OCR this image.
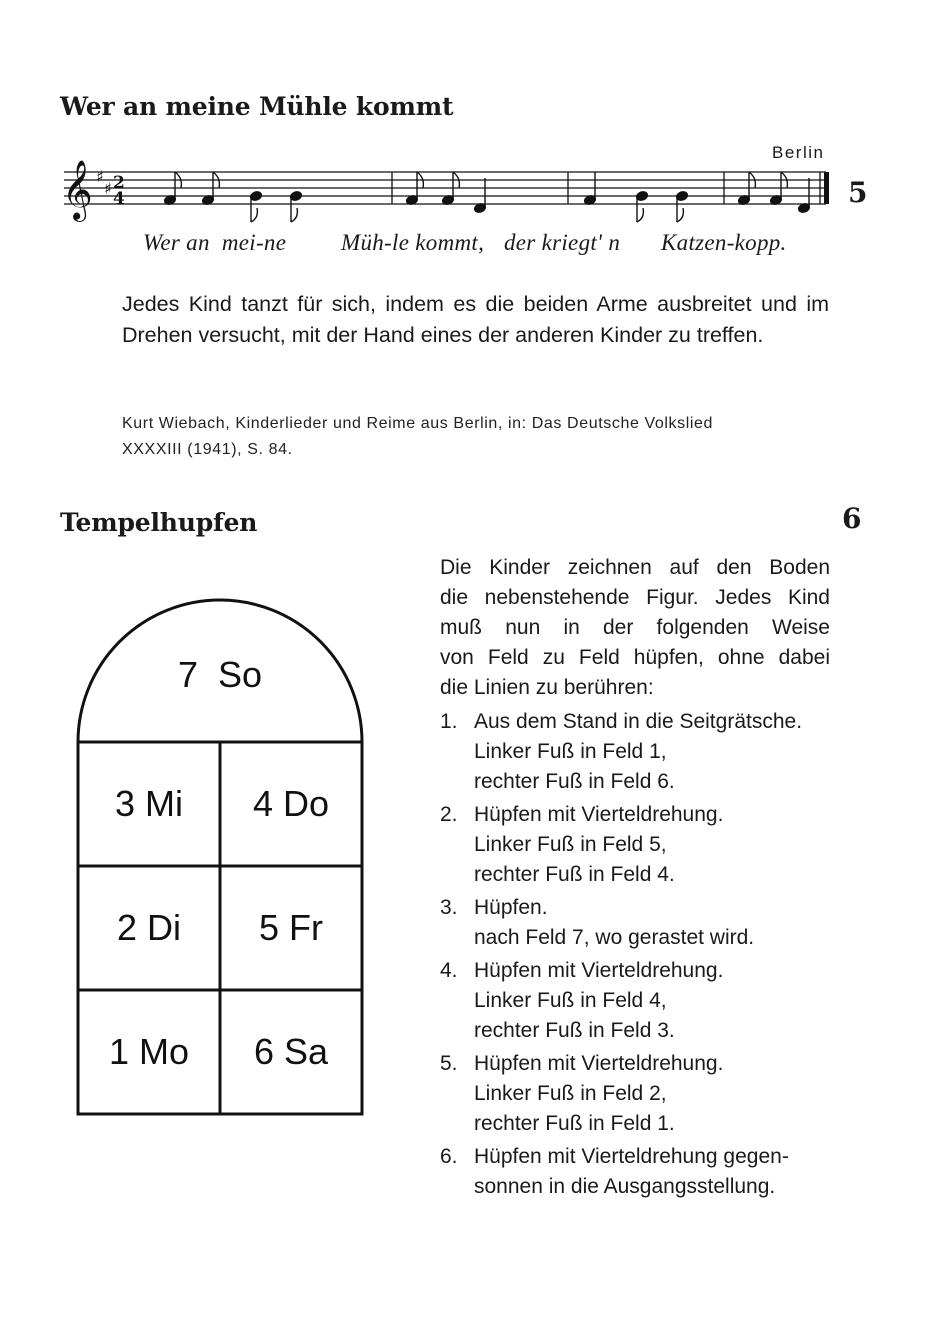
Wer an meine Mühle kommt
Berlin
5
𝄞 ♯
♯ 2
4
Wer an  mei-ne Müh-le kommt, der kriegt' n Katzen-kopp.
Jedes Kind tanzt für sich, indem es die beiden Arme ausbreitet und im Drehen versucht, mit der Hand eines der anderen Kinder zu treffen.
Kurt Wiebach, Kinderlieder und Reime aus Berlin, in: Das Deutsche Volkslied
XXXXIII (1941), S. 84.
Tempelhupfen	6
7  So
3 Mi	4 Do
2 Di	5 Fr
1 Mo	6 Sa

Die Kinder zeichnen auf den Boden

die nebenstehende Figur. Jedes Kind

muß nun in der folgenden Weise

von Feld zu Feld hüpfen, ohne dabei

die Linien zu berühren:

1. Aus dem Stand in die Seitgrätsche.
Linker Fuß in Feld 1,
rechter Fuß in Feld 6.
2. Hüpfen mit Vierteldrehung.
Linker Fuß in Feld 5,
rechter Fuß in Feld 4.
3. Hüpfen.
nach Feld 7, wo gerastet wird.
4. Hüpfen mit Vierteldrehung.
Linker Fuß in Feld 4,
rechter Fuß in Feld 3.
5. Hüpfen mit Vierteldrehung.
Linker Fuß in Feld 2,
rechter Fuß in Feld 1.
6. Hüpfen mit Vierteldrehung gegen-
sonnen in die Ausgangsstellung.
